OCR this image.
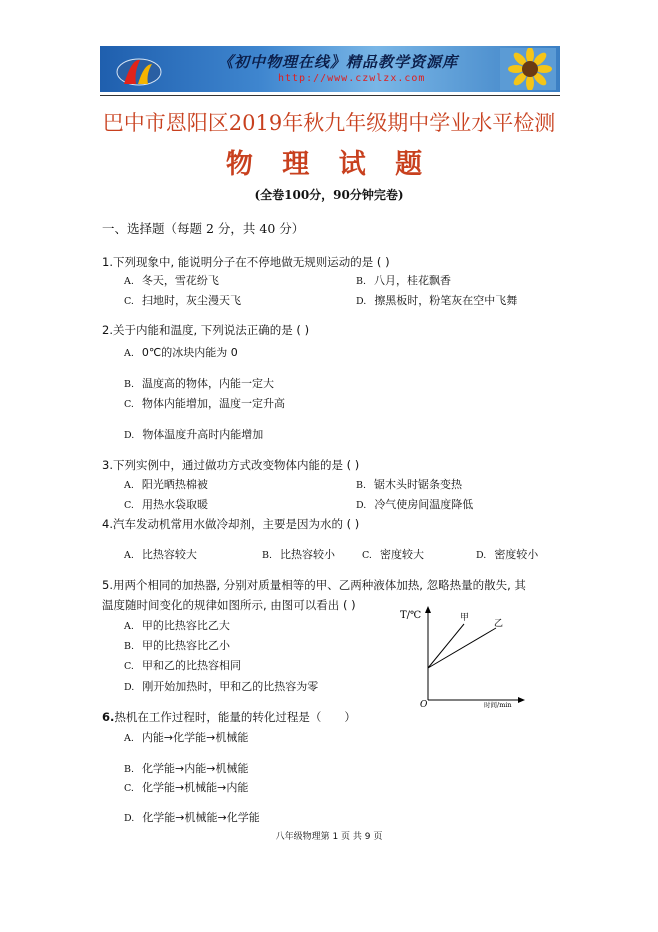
《初中物理在线》精品教学资源库
http://www.czwlzx.com
巴中市恩阳区2019年秋九年级期中学业水平检测
物 理 试 题
(全卷100分，90分钟完卷)
一、选择题（每题 2 分，共 40 分）
1.下列现象中, 能说明分子在不停地做无规则运动的是 ( )
A. 冬天，雪花纷飞	B. 八月，桂花飘香
C. 扫地时，灰尘漫天飞	D. 擦黑板时，粉笔灰在空中飞舞
2.关于内能和温度, 下列说法正确的是 ( )
A. 0℃的冰块内能为 0
B. 温度高的物体，内能一定大
C. 物体内能增加，温度一定升高
D. 物体温度升高时内能增加
3.下列实例中，通过做功方式改变物体内能的是 ( )
A. 阳光晒热棉被	B. 锯木头时锯条变热
C. 用热水袋取暖	D. 冷气使房间温度降低
4.汽车发动机常用水做冷却剂，主要是因为水的 ( )
A. 比热容较大	B. 比热容较小	C. 密度较大	D. 密度较小
5.用两个相同的加热器, 分别对质量相等的甲、乙两种液体加热, 忽略热量的散失, 其
温度随时间变化的规律如图所示, 由图可以看出 ( )
A. 甲的比热容比乙大
B. 甲的比热容比乙小
C. 甲和乙的比热容相同
D. 刚开始加热时，甲和乙的比热容为零
T/℃	甲
乙
O	时间/min
6.热机在工作过程时，能量的转化过程是（　　）
A. 内能→化学能→机械能
B. 化学能→内能→机械能
C. 化学能→机械能→内能
D. 化学能→机械能→化学能
八年级物理第 1 页 共 9 页
